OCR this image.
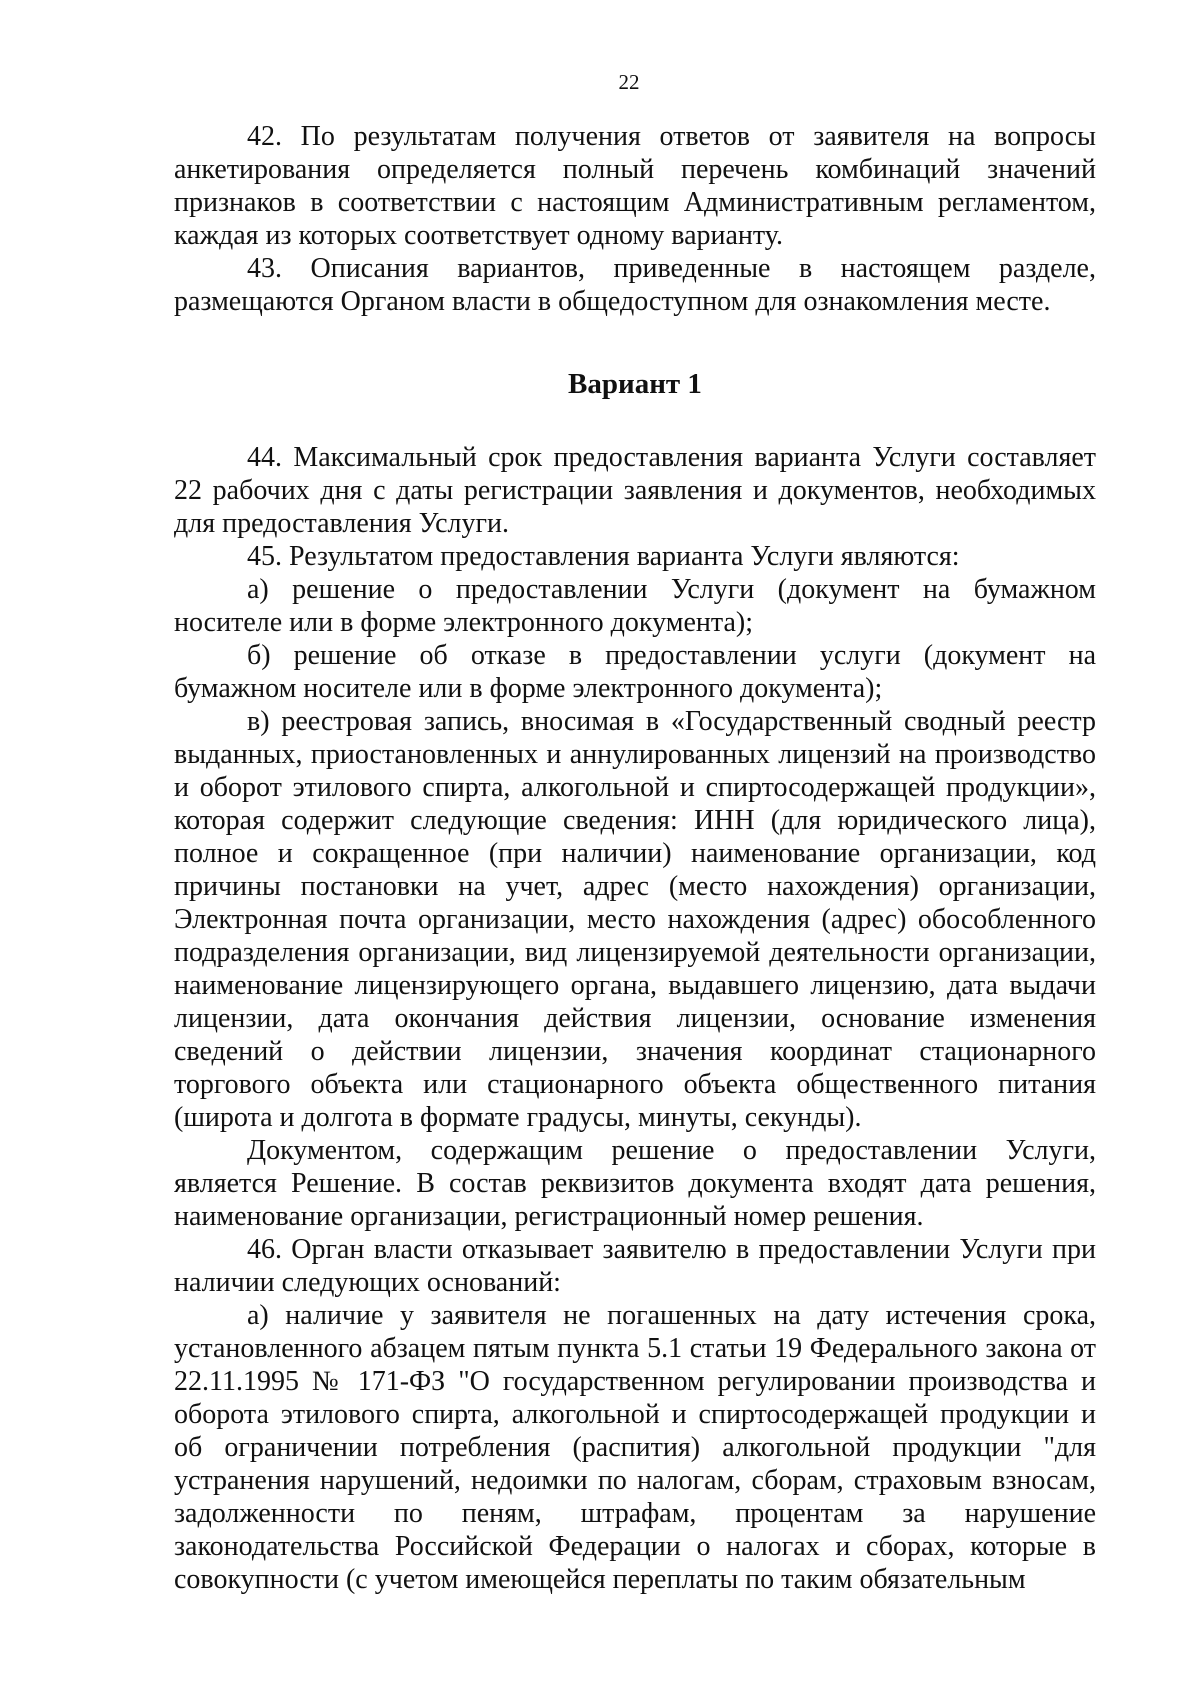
22

42. По результатам получения ответов от заявителя на вопросы анкетирования определяется полный перечень комбинаций значений признаков в соответствии с настоящим Административным регламентом, каждая из которых соответствует одному варианту.

43. Описания вариантов, приведенные в настоящем разделе, размещаются Органом власти в общедоступном для ознакомления месте.

Вариант 1

44. Максимальный срок предоставления варианта Услуги составляет 22 рабочих дня с даты регистрации заявления и документов, необходимых для предоставления Услуги.

45. Результатом предоставления варианта Услуги являются:

а) решение о предоставлении Услуги (документ на бумажном носителе или в форме электронного документа);

б) решение об отказе в предоставлении услуги (документ на бумажном носителе или в форме электронного документа);

в) реестровая запись, вносимая в «Государственный сводный реестр выданных, приостановленных и аннулированных лицензий на производство и оборот этилового спирта, алкогольной и спиртосодержащей продукции», которая содержит следующие сведения: ИНН (для юридического лица), полное и сокращенное (при наличии) наименование организации, код причины постановки на учет, адрес (место нахождения) организации, Электронная почта организации, место нахождения (адрес) обособленного подразделения организации, вид лицензируемой деятельности организации, наименование лицензирующего органа, выдавшего лицензию, дата выдачи лицензии, дата окончания действия лицензии, основание изменения сведений о действии лицензии, значения координат стационарного торгового объекта или стационарного объекта общественного питания (широта и долгота в формате градусы, минуты, секунды).

Документом, содержащим решение о предоставлении Услуги, является Решение. В состав реквизитов документа входят дата решения, наименование организации, регистрационный номер решения.

46. Орган власти отказывает заявителю в предоставлении Услуги при наличии следующих оснований:

а) наличие у заявителя не погашенных на дату истечения срока, установленного абзацем пятым пункта 5.1 статьи 19 Федерального закона от 22.11.1995 № 171-ФЗ "О государственном регулировании производства и оборота этилового спирта, алкогольной и спиртосодержащей продукции и об ограничении потребления (распития) алкогольной продукции "для устранения нарушений, недоимки по налогам, сборам, страховым взносам, задолженности по пеням, штрафам, процентам за нарушение законодательства Российской Федерации о налогах и сборах, которые в совокупности (с учетом имеющейся переплаты по таким обязательным
